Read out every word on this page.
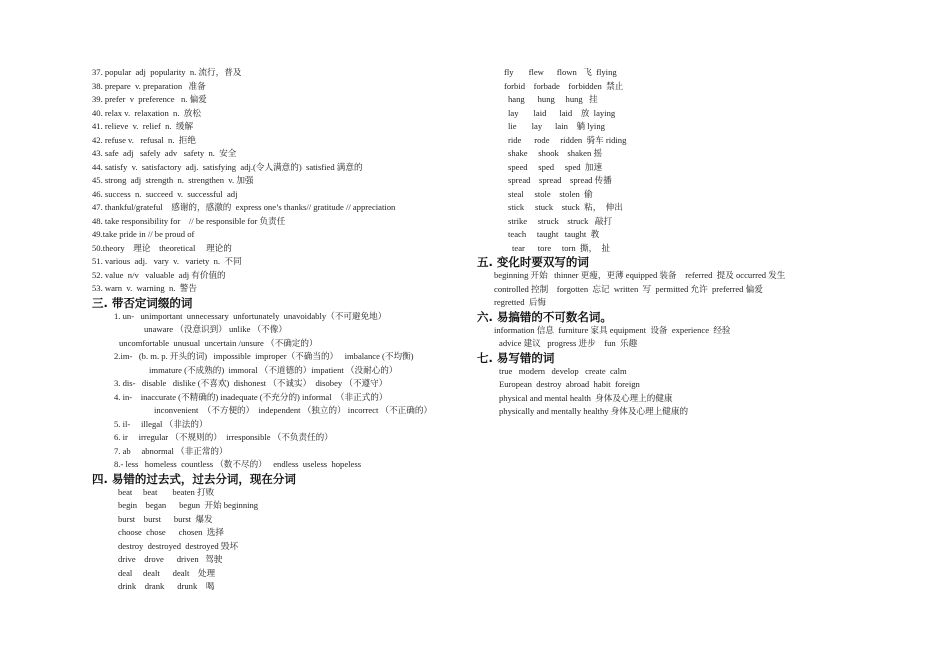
37. popular  adj  popularity  n. 流行，普及
38. prepare  v. preparation   准备
39. prefer  v  preference   n. 偏爱
40. relax v.  relaxation  n.  放松
41. relieve  v.  relief  n.  缓解
42. refuse v.   refusal  n.  拒绝
43. safe  adj   safely  adv   safety  n.  安全
44. satisfy  v.  satisfactory  adj.  satisfying  adj.(令人满意的)  satisfied 满意的
45. strong  adj  strength  n.  strengthen  v. 加强
46. success  n.  succeed  v.  successful  adj
47. thankful/grateful    感谢的，感激的  express one’s thanks// gratitude // appreciation
48. take responsibility for    // be responsible for 负责任
49.take pride in // be proud of
50.theory    理论    theoretical     理论的
51. various  adj.   vary  v.   variety  n.  不同
52. value  n/v   valuable  adj 有价值的
53. warn  v.  warning  n.  警告
三. 带否定词缀的词
1. un-   unimportant  unnecessary  unfortunately  unavoidably（不可避免地）
unaware （没意识到） unlike （不像）
uncomfortable  unusual  uncertain /unsure （不确定的）
2.im-   (b. m. p. 开头的词)   impossible  improper（不确当的）   imbalance (不均衡)
immature (不成熟的)  immoral （不道德的）impatient （没耐心的）
3. dis-   disable   dislike (不喜欢)  dishonest （不诚实）  disobey （不遵守）
4. in-    inaccurate (不精确的) inadequate (不充分的) informal  （非正式的）
inconvenient  （不方便的）  independent （独立的） incorrect （不正确的）
5. il-     illegal （非法的）
6. ir     irregular （不规则的）  irresponsible （不负责任的）
7. ab     abnormal （非正常的）
8.- less   homeless  countless （数不尽的）   endless  useless  hopeless
四. 易错的过去式，过去分词，现在分词
beat     beat       beaten 打败
begin    began      begun  开始 beginning
burst    burst      burst  爆发
choose  chose      chosen  选择
destroy  destroyed  destroyed 毁坏
drive    drove      driven   驾驶
deal     dealt      dealt    处理
drink    drank      drunk    喝
fly       flew      flown   飞  flying
forbid    forbade    forbidden  禁止
hang      hung     hung   挂
lay       laid      laid    放  laying
lie       lay      lain    躺 lying
ride      rode     ridden  骑车 riding
shake     shook    shaken 摇
speed     sped     sped  加速
spread    spread    spread 传播
steal     stole    stolen  偷
stick     stuck    stuck  粘，  伸出
strike     struck    struck   敲打
teach     taught   taught  教
tear      tore     torn  撕，  扯
五. 变化时要双写的词
beginning 开始   thinner 更瘦，更薄 equipped 装备    referred  提及 occurred 发生
controlled 控制    forgotten  忘记  written  写  permitted 允许  preferred 偏爱
regretted  后悔
六. 易搞错的不可数名词。
information 信息  furniture 家具 equipment  设备  experience  经验
advice 建议   progress 进步    fun  乐趣
七. 易写错的词
true   modern   develop   create  calm
European  destroy  abroad  habit  foreign
physical and mental health  身体及心理上的健康
physically and mentally healthy 身体及心理上健康的
